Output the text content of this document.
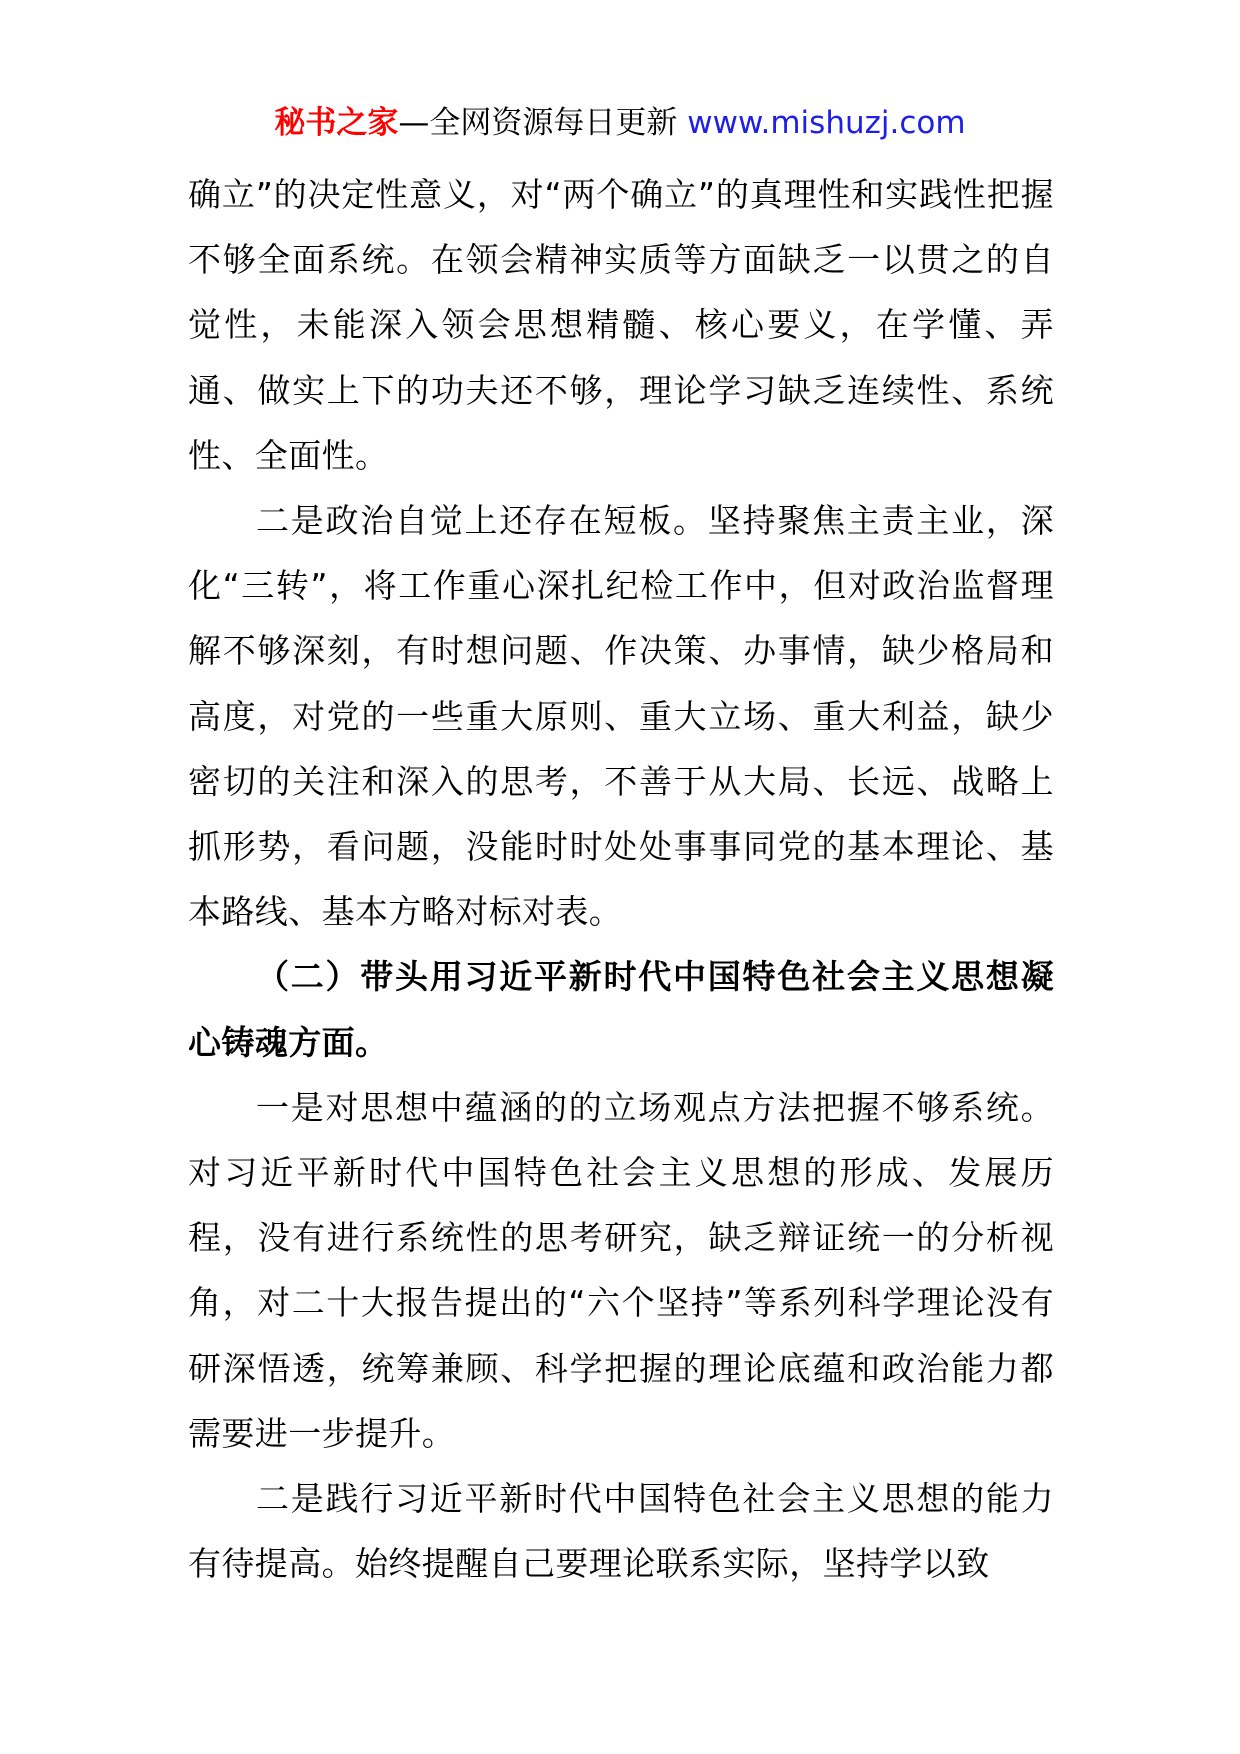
秘书之家—全网资源每日更新 www.mishuzj.com

确立”的决定性意义，对“两个确立”的真理性和实践性把握不够全面系统。在领会精神实质等方面缺乏一以贯之的自觉性，未能深入领会思想精髓、核心要义，在学懂、弄通、做实上下的功夫还不够，理论学习缺乏连续性、系统性、全面性。

二是政治自觉上还存在短板。坚持聚焦主责主业，深化“三转”，将工作重心深扎纪检工作中，但对政治监督理解不够深刻，有时想问题、作决策、办事情，缺少格局和高度，对党的一些重大原则、重大立场、重大利益，缺少密切的关注和深入的思考，不善于从大局、长远、战略上抓形势，看问题，没能时时处处事事同党的基本理论、基本路线、基本方略对标对表。

（二）带头用习近平新时代中国特色社会主义思想凝心铸魂方面。

一是对思想中蕴涵的的立场观点方法把握不够系统。对习近平新时代中国特色社会主义思想的形成、发展历程，没有进行系统性的思考研究，缺乏辩证统一的分析视角，对二十大报告提出的“六个坚持”等系列科学理论没有研深悟透，统筹兼顾、科学把握的理论底蕴和政治能力都需要进一步提升。

二是践行习近平新时代中国特色社会主义思想的能力有待提高。始终提醒自己要理论联系实际，坚持学以致
